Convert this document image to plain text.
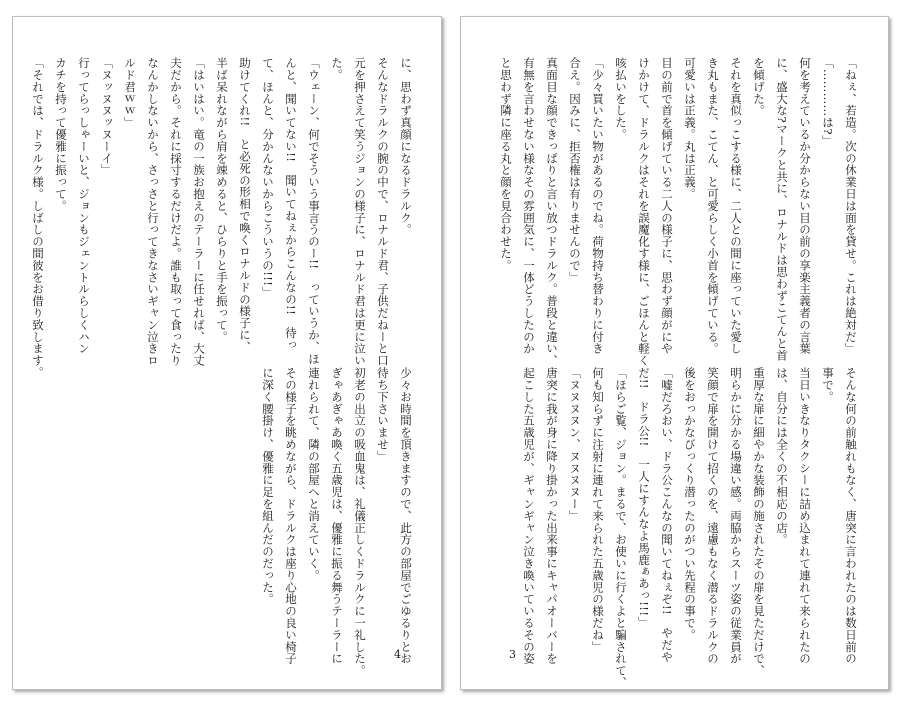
に、思わず真顔になるドラルク。
そんなドラルクの腕の中で、ロナルド君、子供だねーと口
元を押さえて笑うジョンの様子に、ロナルド君は更に泣い
た。
「ウェーン、何でそういう事言うのー!!　っていうか、ほ
んと、聞いてない!!　聞いてねぇからこんなの!!　待っ
て、ほんと、分かんないからこういうの!!!」
助けてくれ!!　と必死の形相で喚くロナルドの様子に、
半ば呆れながら肩を竦めると、ひらりと手を振って。
「はいはい。竜の一族お抱えのテーラーに任せれば、大丈
夫だから。それに採寸するだけだよ。誰も取って食ったり
なんかしないから、さっさと行ってきなさいギャン泣きロ
ルド君ｗｗ」
「ヌッヌヌッヌーイ」
行ってらっしゃーいと、ジョンもジェントルらしくハン
カチを持って優雅に振って。
「それでは、ドラルク様。しばしの間彼をお借り致します。
少々お時間を頂きますので、此方の部屋でごゆるりとお
待ち下さいませ」
初老の出立の吸血鬼は、礼儀正しくドラルクに一礼した。
ぎゃあぎゃあ喚く五歳児は、優雅に振る舞うテーラーに
連れられて、隣の部屋へと消えていく。
その様子を眺めながら、ドラルクは座り心地の良い椅子
に深く腰掛け、優雅に足を組んだのだった。
4
「ねぇ、若造。次の休業日は面を貸せ。これは絶対だ」
「…………は?」
何を考えているか分からない目の前の享楽主義者の言葉
に、盛大な?マークと共に、ロナルドは思わずこてんと首
を傾げた。
それを真似っこする様に、二人との間に座っていた愛し
き丸もまた、こてん、と可愛らしく小首を傾げている。
可愛いは正義。丸は正義。
目の前で首を傾げている二人の様子に、思わず顔がにや
けかけて、ドラルクはそれを誤魔化す様に、ごほんと軽く
咳払いをした。
「少々買いたい物があるのでね。荷物持ち替わりに付き
合え。因みに、拒否権は有りませんので」
真面目な顔できっぱりと言い放つドラルク。普段と違い、
有無を言わせない様なその雰囲気に、一体どうしたのか
と思わず隣に座る丸と顔を見合わせた。
そんな何の前触れもなく、唐突に言われたのは数日前の
事で。
当日いきなりタクシーに詰め込まれて連れて来られたの
は、自分には全くの不相応の店。
重厚な扉に細やかな装飾の施されたその扉を見ただけで、
明らかに分かる場違い感。両脇からスーツ姿の従業員が
笑顔で扉を開けて招くのを、遠慮もなく潜るドラルクの
後をおっかなびっくり潜ったのがつい先程の事で。
「嘘だろおい、ドラ公こんなの聞いてねぇぞ!!　やだや
だ!!　ドラ公!!　一人にすんなよ馬鹿ぁあっ!!!」
「ほらご覧、ジョン。まるで、お使いに行くよと騙されて、
何も知らずに注射に連れて来られた五歳児の様だね」
「ヌヌヌヌン、ヌヌヌヌー」
唐突に我が身に降り掛かった出来事にキャパオーバーを
起こした五歳児が、ギャンギャン泣き喚いているその姿
3
